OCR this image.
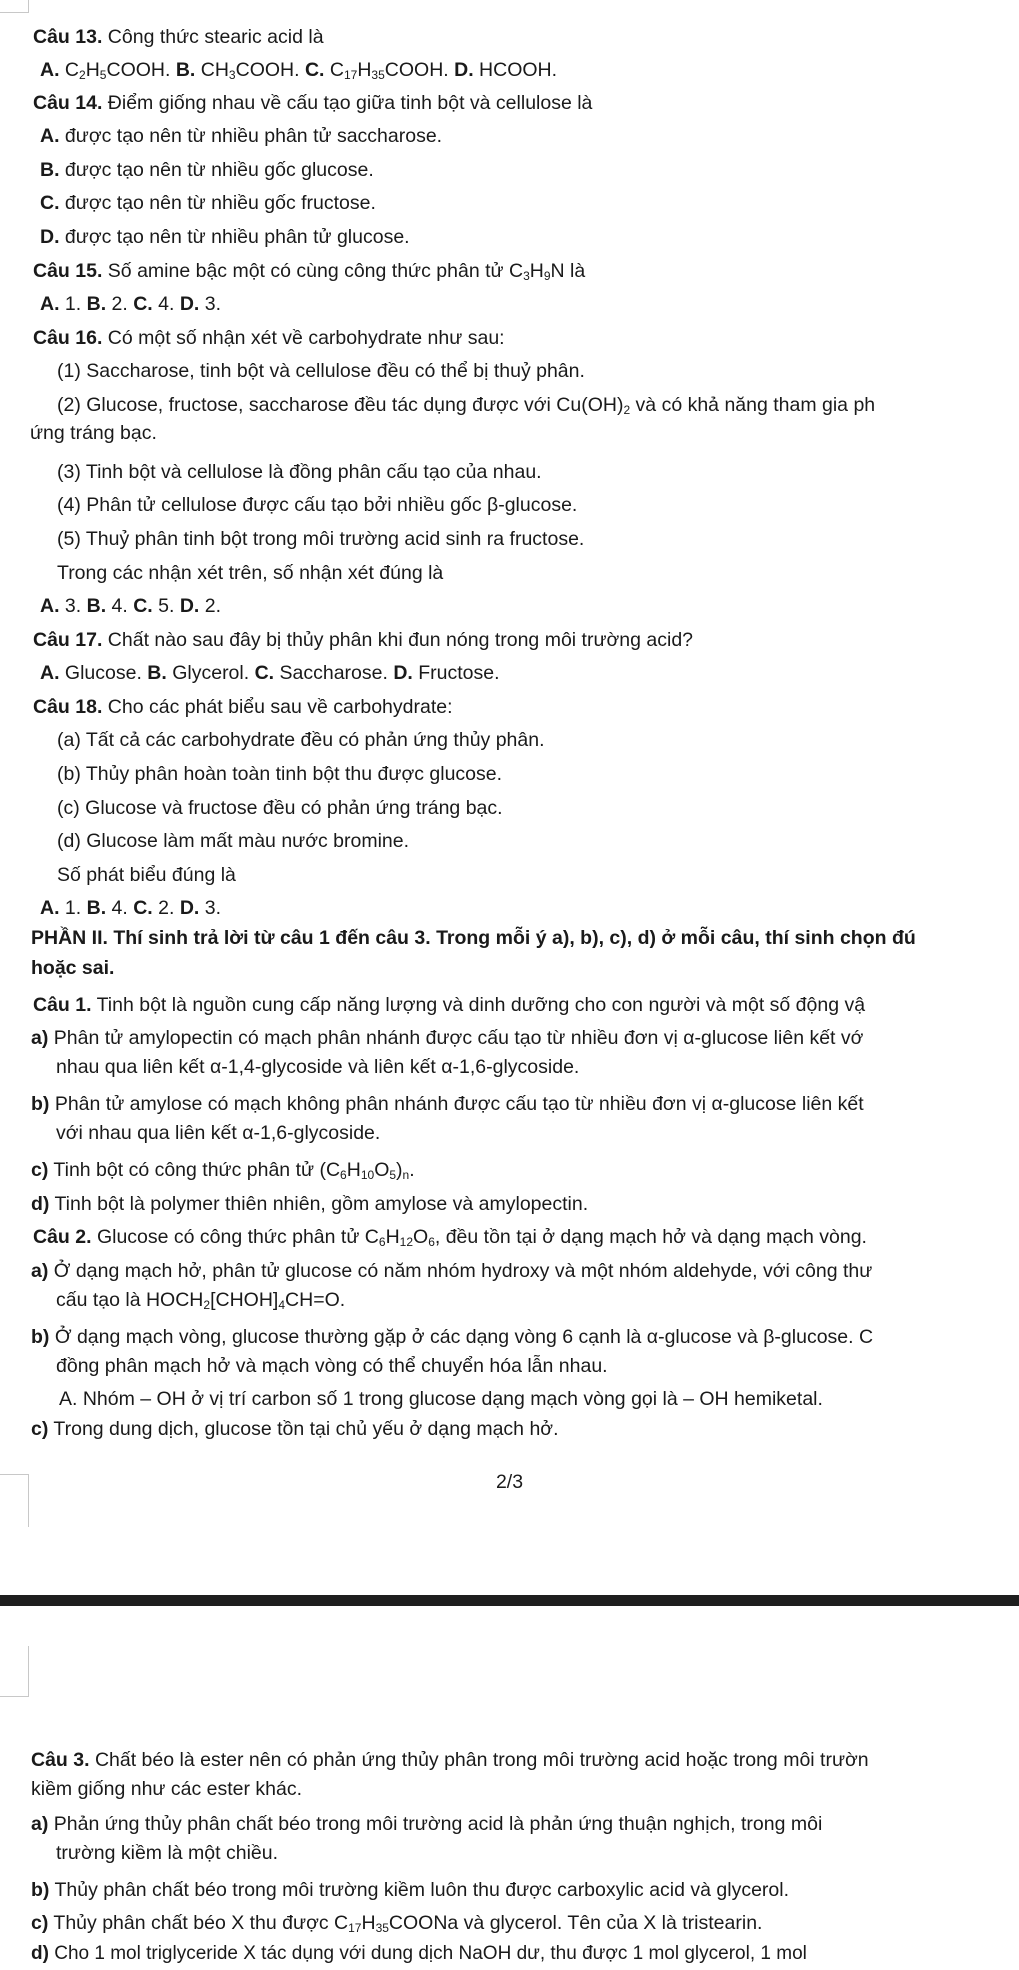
Câu 13. Công thức stearic acid là
A. $C_2H_5COOH$. B. $CH_3COOH$. C. $C_{17}H_{35}COOH$. D. HCOOH.
Câu 14. Điểm giống nhau về cấu tạo giữa tinh bột và cellulose là
A. được tạo nên từ nhiều phân tử saccharose.
B. được tạo nên từ nhiều gốc glucose.
C. được tạo nên từ nhiều gốc fructose.
D. được tạo nên từ nhiều phân tử glucose.
Câu 15. Số amine bậc một có cùng công thức phân tử $C_3H_9N$ là
A. 1. B. 2. C. 4. D. 3.
Câu 16. Có một số nhận xét về carbohydrate như sau:
(1) Saccharose, tinh bột và cellulose đều có thể bị thuỷ phân.
(2) Glucose, fructose, saccharose đều tác dụng được với $Cu(OH)_2$ và có khả năng tham gia ph
ứng tráng bạc.
(3) Tinh bột và cellulose là đồng phân cấu tạo của nhau.
(4) Phân tử cellulose được cấu tạo bởi nhiều gốc β-glucose.
(5) Thuỷ phân tinh bột trong môi trường acid sinh ra fructose.
Trong các nhận xét trên, số nhận xét đúng là
A. 3. B. 4. C. 5. D. 2.
Câu 17. Chất nào sau đây bị thủy phân khi đun nóng trong môi trường acid?
A. Glucose. B. Glycerol. C. Saccharose. D. Fructose.
Câu 18. Cho các phát biểu sau về carbohydrate:
(a) Tất cả các carbohydrate đều có phản ứng thủy phân.
(b) Thủy phân hoàn toàn tinh bột thu được glucose.
(c) Glucose và fructose đều có phản ứng tráng bạc.
(d) Glucose làm mất màu nước bromine.
Số phát biểu đúng là
A. 1. B. 4. C. 2. D. 3.
PHẦN II. Thí sinh trả lời từ câu 1 đến câu 3. Trong mỗi ý a), b), c), d) ở mỗi câu, thí sinh chọn đú
hoặc sai.
Câu 1. Tinh bột là nguồn cung cấp năng lượng và dinh dưỡng cho con người và một số động vậ
a) Phân tử amylopectin có mạch phân nhánh được cấu tạo từ nhiều đơn vị α-glucose liên kết vớ
nhau qua liên kết α-1,4-glycoside và liên kết α-1,6-glycoside.
b) Phân tử amylose có mạch không phân nhánh được cấu tạo từ nhiều đơn vị α-glucose liên kết
với nhau qua liên kết α-1,6-glycoside.
c) Tinh bột có công thức phân tử $(C_6H_{10}O_5)_n$.
d) Tinh bột là polymer thiên nhiên, gồm amylose và amylopectin.
Câu 2. Glucose có công thức phân tử $C_6H_{12}O_6$, đều tồn tại ở dạng mạch hở và dạng mạch vòng.
a) Ở dạng mạch hở, phân tử glucose có năm nhóm hydroxy và một nhóm aldehyde, với công thư
cấu tạo là $HOCH_2[CHOH]_4CH=O$.
b) Ở dạng mạch vòng, glucose thường gặp ở các dạng vòng 6 cạnh là α-glucose và β-glucose. C
đồng phân mạch hở và mạch vòng có thể chuyển hóa lẫn nhau.
A. Nhóm – OH ở vị trí carbon số 1 trong glucose dạng mạch vòng gọi là – OH hemiketal.
c) Trong dung dịch, glucose tồn tại chủ yếu ở dạng mạch hở.
2/3
Câu 3. Chất béo là ester nên có phản ứng thủy phân trong môi trường acid hoặc trong môi trườn
kiềm giống như các ester khác.
a) Phản ứng thủy phân chất béo trong môi trường acid là phản ứng thuận nghịch, trong môi
trường kiềm là một chiều.
b) Thủy phân chất béo trong môi trường kiềm luôn thu được carboxylic acid và glycerol.
c) Thủy phân chất béo X thu được $C_{17}H_{35}COONa$ và glycerol. Tên của X là tristearin.
d) Cho 1 mol triglyceride X tác dụng với dung dịch NaOH dư, thu được 1 mol glycerol, 1 mol
